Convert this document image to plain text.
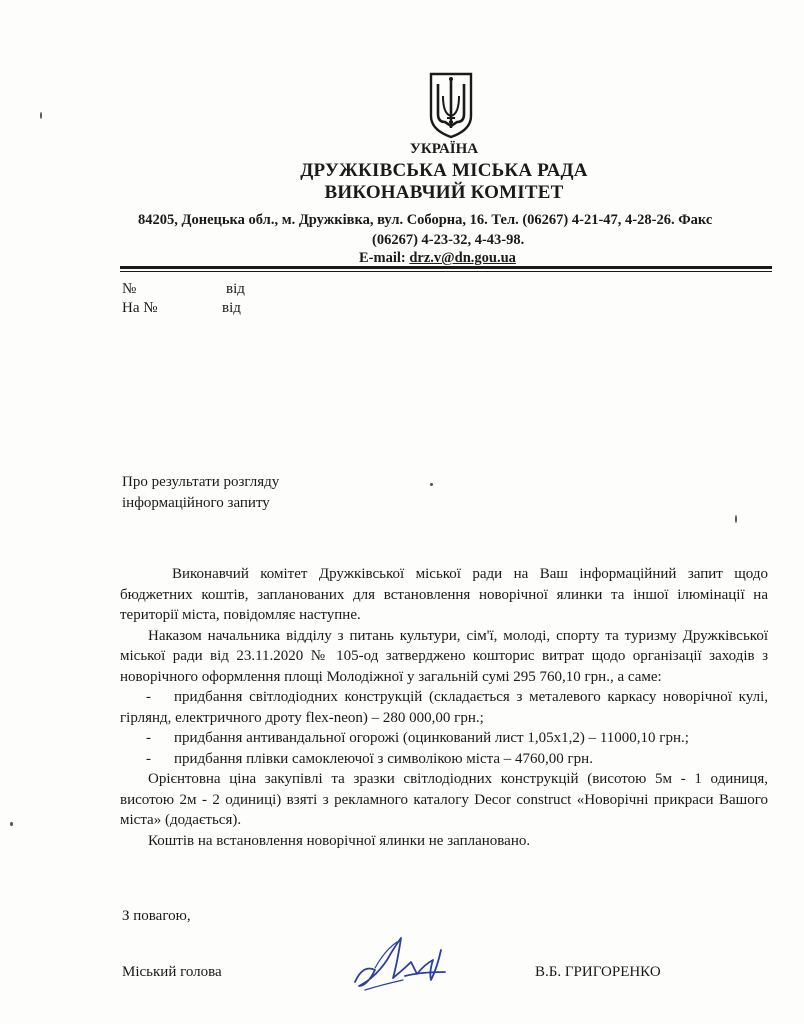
УКРАЇНА
ДРУЖКІВСЬКА МІСЬКА РАДА
ВИКОНАВЧИЙ КОМІТЕТ
84205, Донецька обл., м. Дружківка, вул. Соборна, 16. Тел. (06267) 4-21-47, 4-28-26. Факс
(06267) 4-23-32, 4-43-98.
E-mail: drz.v@dn.gou.ua
№	від
На №	від
Про результати розгляду
інформаційного запиту

Виконавчий комітет Дружківської міської ради на Ваш інформаційний запит щодо бюджетних коштів, запланованих для встановлення новорічної ялинки та іншої ілюмінації на території міста, повідомляє наступне.

Наказом начальника відділу з питань культури, сім'ї, молоді, спорту та туризму Дружківської міської ради від 23.11.2020 № 105-од затверджено кошторис витрат щодо організації заходів з новорічного оформлення площі Молодіжної у загальній сумі 295 760,10 грн., а саме:

- придбання світлодіодних конструкцій (складається з металевого каркасу новорічної кулі, гірлянд, електричного дроту flex-neon) – 280 000,00 грн.;

- придбання антивандальної огорожі (оцинкований лист 1,05х1,2) – 11000,10 грн.;

- придбання плівки самоклеючої з символікою міста – 4760,00 грн.

Орієнтовна ціна закупівлі та зразки світлодіодних конструкцій (висотою 5м - 1 одиниця, висотою 2м - 2 одиниці) взяті з рекламного каталогу Decor construct «Новорічні прикраси Вашого міста» (додається).

Коштів на встановлення новорічної ялинки не заплановано.

З повагою,
Міський голова	В.Б. ГРИГОРЕНКО
